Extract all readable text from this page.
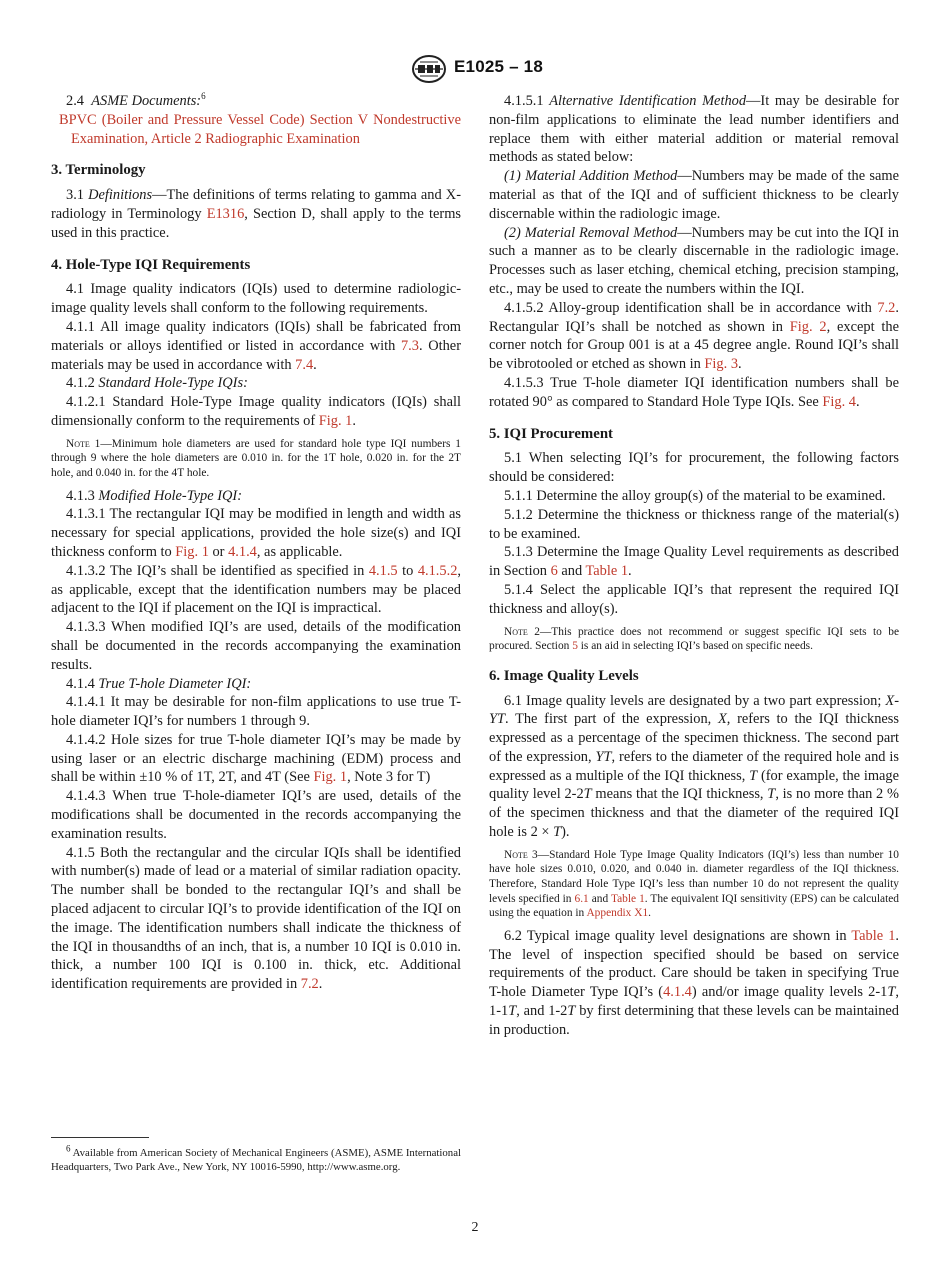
E1025 – 18

2.4 ASME Documents:$^6$

BPVC (Boiler and Pressure Vessel Code) Section V Nondestructive Examination, Article 2 Radiographic Examination

3. Terminology

3.1 Definitions—The definitions of terms relating to gamma and X-radiology in Terminology E1316, Section D, shall apply to the terms used in this practice.

4. Hole-Type IQI Requirements

4.1 Image quality indicators (IQIs) used to determine radiologic-image quality levels shall conform to the following requirements.

4.1.1 All image quality indicators (IQIs) shall be fabricated from materials or alloys identified or listed in accordance with 7.3. Other materials may be used in accordance with 7.4.

4.1.2 Standard Hole-Type IQIs:

4.1.2.1 Standard Hole-Type Image quality indicators (IQIs) shall dimensionally conform to the requirements of Fig. 1.

Note 1—Minimum hole diameters are used for standard hole type IQI numbers 1 through 9 where the hole diameters are 0.010 in. for the 1T hole, 0.020 in. for the 2T hole, and 0.040 in. for the 4T hole.

4.1.3 Modified Hole-Type IQI:

4.1.3.1 The rectangular IQI may be modified in length and width as necessary for special applications, provided the hole size(s) and IQI thickness conform to Fig. 1 or 4.1.4, as applicable.

4.1.3.2 The IQI’s shall be identified as specified in 4.1.5 to 4.1.5.2, as applicable, except that the identification numbers may be placed adjacent to the IQI if placement on the IQI is impractical.

4.1.3.3 When modified IQI’s are used, details of the modification shall be documented in the records accompanying the examination results.

4.1.4 True T-hole Diameter IQI:

4.1.4.1 It may be desirable for non-film applications to use true T-hole diameter IQI’s for numbers 1 through 9.

4.1.4.2 Hole sizes for true T-hole diameter IQI’s may be made by using laser or an electric discharge machining (EDM) process and shall be within ±10 % of 1T, 2T, and 4T (See Fig. 1, Note 3 for T)

4.1.4.3 When true T-hole-diameter IQI’s are used, details of the modifications shall be documented in the records accompanying the examination results.

4.1.5 Both the rectangular and the circular IQIs shall be identified with number(s) made of lead or a material of similar radiation opacity. The number shall be bonded to the rectangular IQI’s and shall be placed adjacent to circular IQI’s to provide identification of the IQI on the image. The identification numbers shall indicate the thickness of the IQI in thousandths of an inch, that is, a number 10 IQI is 0.010 in. thick, a number 100 IQI is 0.100 in. thick, etc. Additional identification requirements are provided in 7.2.

$^6$ Available from American Society of Mechanical Engineers (ASME), ASME International Headquarters, Two Park Ave., New York, NY 10016-5990, http://www.asme.org.

4.1.5.1 Alternative Identification Method—It may be desirable for non-film applications to eliminate the lead number identifiers and replace them with either material addition or material removal methods as stated below:

(1) Material Addition Method—Numbers may be made of the same material as that of the IQI and of sufficient thickness to be clearly discernable within the radiologic image.

(2) Material Removal Method—Numbers may be cut into the IQI in such a manner as to be clearly discernable in the radiologic image. Processes such as laser etching, chemical etching, precision stamping, etc., may be used to create the numbers within the IQI.

4.1.5.2 Alloy-group identification shall be in accordance with 7.2. Rectangular IQI’s shall be notched as shown in Fig. 2, except the corner notch for Group 001 is at a 45 degree angle. Round IQI’s shall be vibrotooled or etched as shown in Fig. 3.

4.1.5.3 True T-hole diameter IQI identification numbers shall be rotated 90° as compared to Standard Hole Type IQIs. See Fig. 4.

5. IQI Procurement

5.1 When selecting IQI’s for procurement, the following factors should be considered:

5.1.1 Determine the alloy group(s) of the material to be examined.

5.1.2 Determine the thickness or thickness range of the material(s) to be examined.

5.1.3 Determine the Image Quality Level requirements as described in Section 6 and Table 1.

5.1.4 Select the applicable IQI’s that represent the required IQI thickness and alloy(s).

Note 2—This practice does not recommend or suggest specific IQI sets to be procured. Section 5 is an aid in selecting IQI’s based on specific needs.

6. Image Quality Levels

6.1 Image quality levels are designated by a two part expression; X-YT. The first part of the expression, X, refers to the IQI thickness expressed as a percentage of the specimen thickness. The second part of the expression, YT, refers to the diameter of the required hole and is expressed as a multiple of the IQI thickness, T (for example, the image quality level 2-2T means that the IQI thickness, T, is no more than 2 % of the specimen thickness and that the diameter of the required IQI hole is 2 × T).

Note 3—Standard Hole Type Image Quality Indicators (IQI’s) less than number 10 have hole sizes 0.010, 0.020, and 0.040 in. diameter regardless of the IQI thickness. Therefore, Standard Hole Type IQI’s less than number 10 do not represent the quality levels specified in 6.1 and Table 1. The equivalent IQI sensitivity (EPS) can be calculated using the equation in Appendix X1.

6.2 Typical image quality level designations are shown in Table 1. The level of inspection specified should be based on service requirements of the product. Care should be taken in specifying True T-hole Diameter Type IQI’s (4.1.4) and/or image quality levels 2-1T, 1-1T, and 1-2T by first determining that these levels can be maintained in production.

2
